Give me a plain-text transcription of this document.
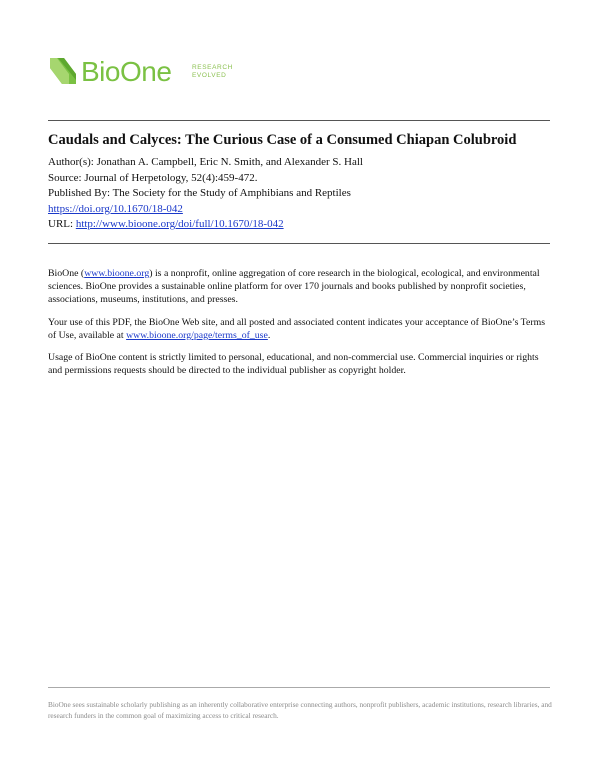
BioOne	RESEARCH
EVOLVED
Caudals and Calyces: The Curious Case of a Consumed Chiapan Colubroid
Author(s): Jonathan A. Campbell, Eric N. Smith, and Alexander S. Hall
Source: Journal of Herpetology, 52(4):459-472.
Published By: The Society for the Study of Amphibians and Reptiles
https://doi.org/10.1670/18-042
URL: http://www.bioone.org/doi/full/10.1670/18-042

BioOne (www.bioone.org) is a nonprofit, online aggregation of core research in the biological, ecological, and environmental sciences. BioOne provides a sustainable online platform for over 170 journals and books published by nonprofit societies, associations, museums, institutions, and presses.

Your use of this PDF, the BioOne Web site, and all posted and associated content indicates your acceptance of BioOne’s Terms of Use, available at www.bioone.org/page/terms_of_use.

Usage of BioOne content is strictly limited to personal, educational, and non-commercial use. Commercial inquiries or rights and permissions requests should be directed to the individual publisher as copyright holder.

BioOne sees sustainable scholarly publishing as an inherently collaborative enterprise connecting authors, nonprofit publishers, academic institutions, research libraries, and research funders in the common goal of maximizing access to critical research.
